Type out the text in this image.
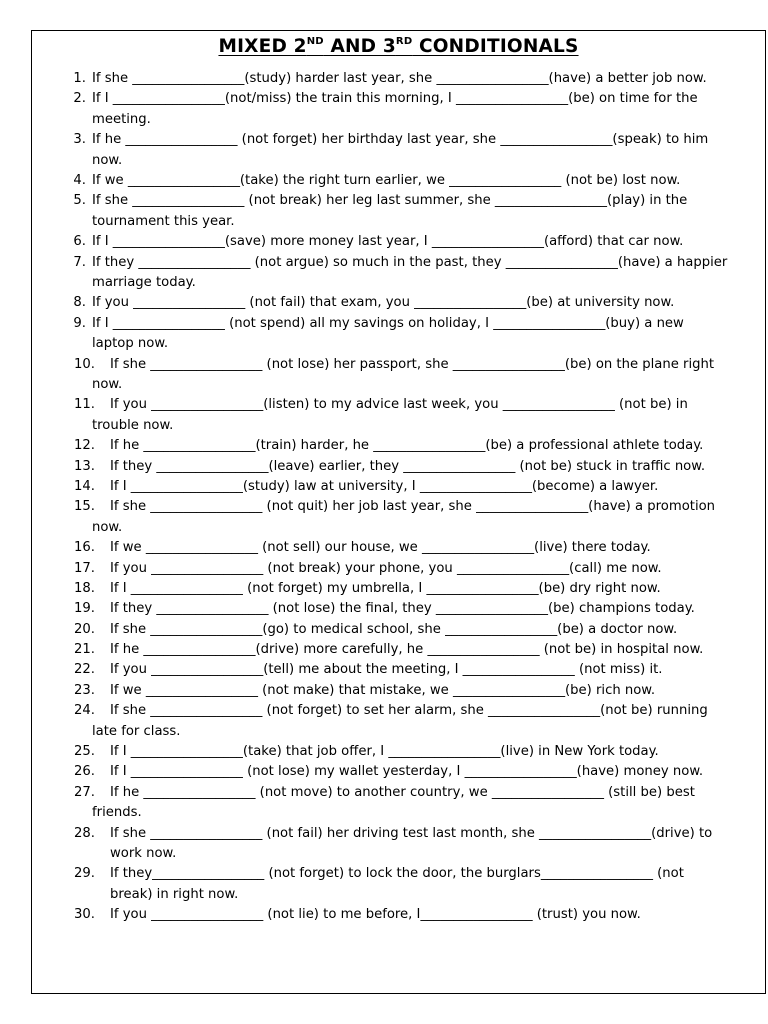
MIXED 2ND AND 3RD CONDITIONALS
1. If she _________________(study) harder last year, she _________________(have) a better job now.
2. If I _________________(not/miss) the train this morning, I _________________(be) on time for the
meeting.
3. If he _________________ (not forget) her birthday last year, she _________________(speak) to him
now.
4. If we _________________(take) the right turn earlier, we _________________ (not be) lost now.
5. If she _________________ (not break) her leg last summer, she _________________(play) in the
tournament this year.
6. If I _________________(save) more money last year, I _________________(afford) that car now.
7. If they _________________ (not argue) so much in the past, they _________________(have) a happier
marriage today.
8. If you _________________ (not fail) that exam, you _________________(be) at university now.
9. If I _________________ (not spend) all my savings on holiday, I _________________(buy) a new
laptop now.
10. If she _________________ (not lose) her passport, she _________________(be) on the plane right
now.
11. If you _________________(listen) to my advice last week, you _________________ (not be) in
trouble now.
12. If he _________________(train) harder, he _________________(be) a professional athlete today.
13. If they _________________(leave) earlier, they _________________ (not be) stuck in traffic now.
14. If I _________________(study) law at university, I _________________(become) a lawyer.
15. If she _________________ (not quit) her job last year, she _________________(have) a promotion
now.
16. If we _________________ (not sell) our house, we _________________(live) there today.
17. If you _________________ (not break) your phone, you _________________(call) me now.
18. If I _________________ (not forget) my umbrella, I _________________(be) dry right now.
19. If they _________________ (not lose) the final, they _________________(be) champions today.
20. If she _________________(go) to medical school, she _________________(be) a doctor now.
21. If he _________________(drive) more carefully, he _________________ (not be) in hospital now.
22. If you _________________(tell) me about the meeting, I _________________ (not miss) it.
23. If we _________________ (not make) that mistake, we _________________(be) rich now.
24. If she _________________ (not forget) to set her alarm, she _________________(not be) running
late for class.
25. If I _________________(take) that job offer, I _________________(live) in New York today.
26. If I _________________ (not lose) my wallet yesterday, I _________________(have) money now.
27. If he _________________ (not move) to another country, we _________________ (still be) best
friends.
28. If she _________________ (not fail) her driving test last month, she _________________(drive) to
work now.
29. If they_________________ (not forget) to lock the door, the burglars_________________ (not
break) in right now.
30. If you _________________ (not lie) to me before, I_________________ (trust) you now.
